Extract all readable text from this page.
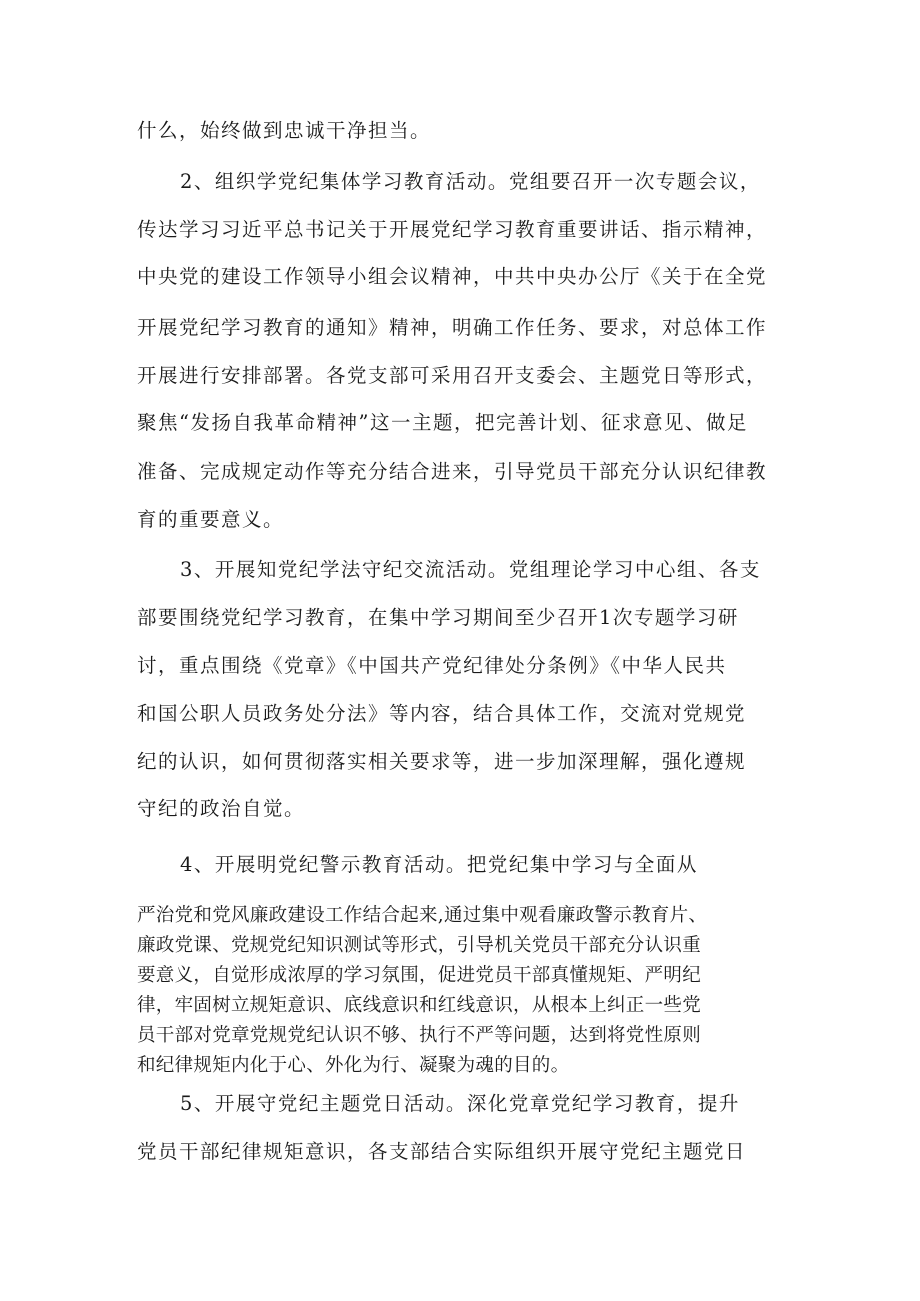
什么，始终做到忠诚干净担当。
2、组织学党纪集体学习教育活动。党组要召开一次专题会议，
传达学习习近平总书记关于开展党纪学习教育重要讲话、指示精神，
中央党的建设工作领导小组会议精神，中共中央办公厅《关于在全党
开展党纪学习教育的通知》精神，明确工作任务、要求，对总体工作
开展进行安排部署。各党支部可采用召开支委会、主题党日等形式，
聚焦“发扬自我革命精神”这一主题，把完善计划、征求意见、做足
准备、完成规定动作等充分结合进来，引导党员干部充分认识纪律教
育的重要意义。
3、开展知党纪学法守纪交流活动。党组理论学习中心组、各支
部要围绕党纪学习教育，在集中学习期间至少召开1次专题学习研
讨，重点围绕《党章》《中国共产党纪律处分条例》《中华人民共
和国公职人员政务处分法》等内容，结合具体工作，交流对党规党
纪的认识，如何贯彻落实相关要求等，进一步加深理解，强化遵规
守纪的政治自觉。
4、开展明党纪警示教育活动。把党纪集中学习与全面从
严治党和党风廉政建设工作结合起来,通过集中观看廉政警示教育片、
廉政党课、党规党纪知识测试等形式，引导机关党员干部充分认识重
要意义，自觉形成浓厚的学习氛围，促进党员干部真懂规矩、严明纪
律，牢固树立规矩意识、底线意识和红线意识，从根本上纠正一些党
员干部对党章党规党纪认识不够、执行不严等问题，达到将党性原则
和纪律规矩内化于心、外化为行、凝聚为魂的目的。
5、开展守党纪主题党日活动。深化党章党纪学习教育，提升
党员干部纪律规矩意识，各支部结合实际组织开展守党纪主题党日
